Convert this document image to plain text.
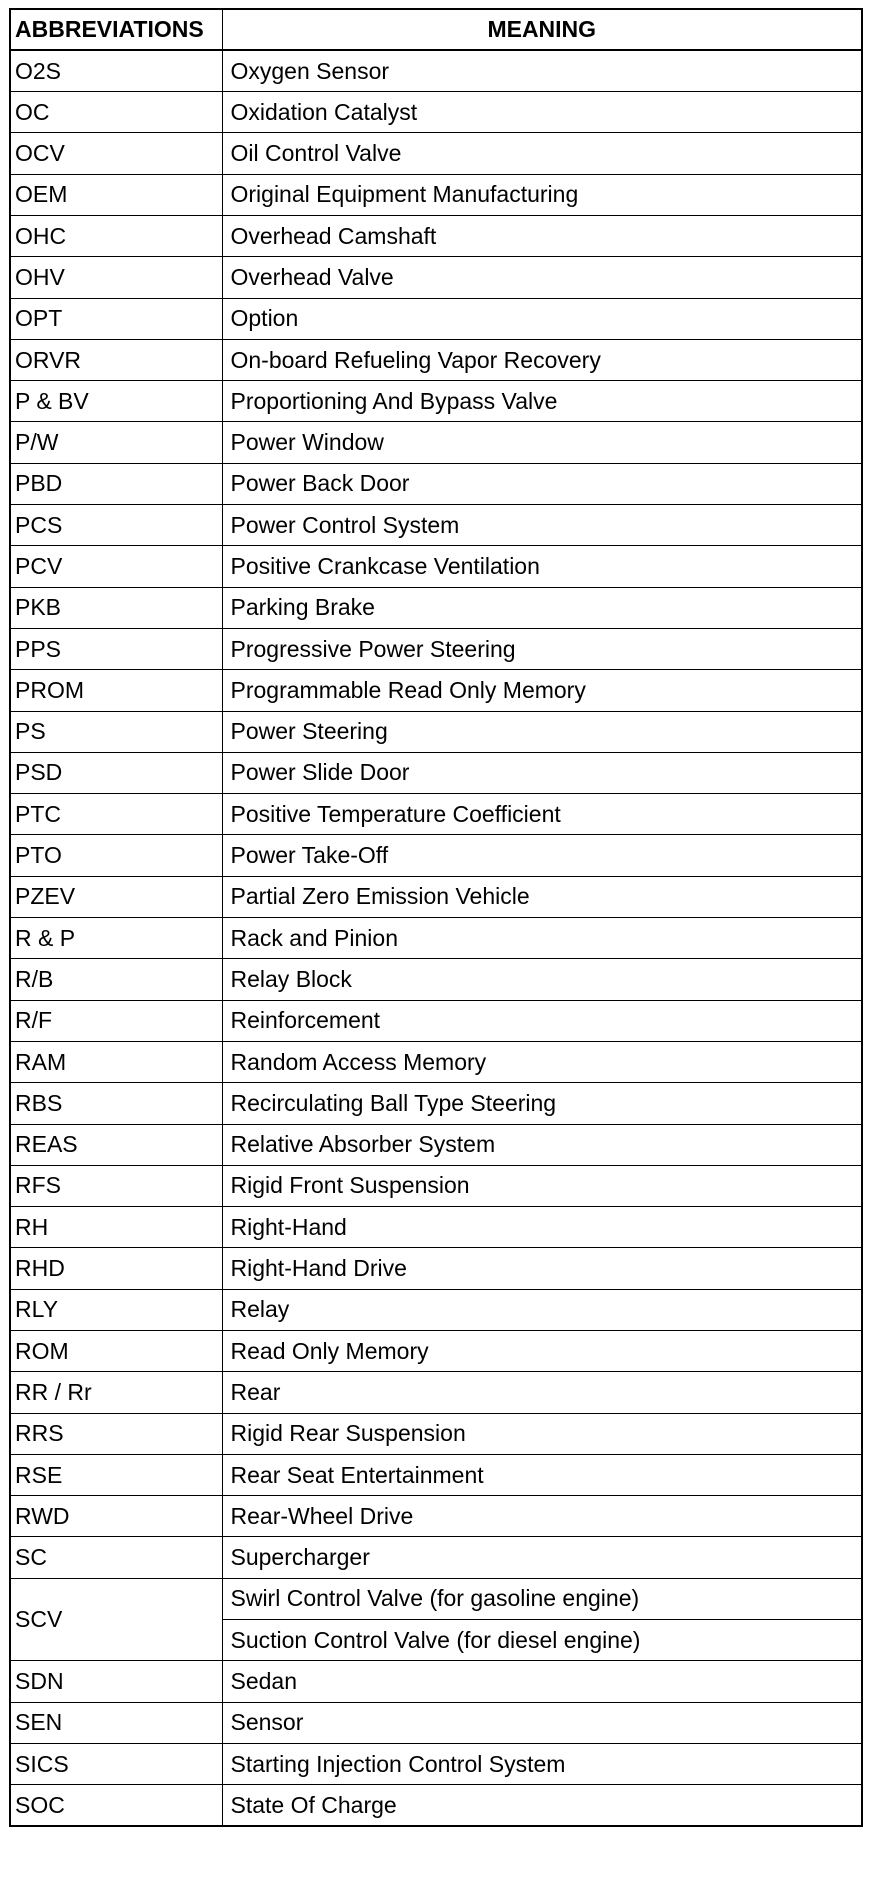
ABBREVIATIONS	MEANING
O2S	Oxygen Sensor
OC	Oxidation Catalyst
OCV	Oil Control Valve
OEM	Original Equipment Manufacturing
OHC	Overhead Camshaft
OHV	Overhead Valve
OPT	Option
ORVR	On-board Refueling Vapor Recovery
P & BV	Proportioning And Bypass Valve
P/W	Power Window
PBD	Power Back Door
PCS	Power Control System
PCV	Positive Crankcase Ventilation
PKB	Parking Brake
PPS	Progressive Power Steering
PROM	Programmable Read Only Memory
PS	Power Steering
PSD	Power Slide Door
PTC	Positive Temperature Coefficient
PTO	Power Take-Off
PZEV	Partial Zero Emission Vehicle
R & P	Rack and Pinion
R/B	Relay Block
R/F	Reinforcement
RAM	Random Access Memory
RBS	Recirculating Ball Type Steering
REAS	Relative Absorber System
RFS	Rigid Front Suspension
RH	Right-Hand
RHD	Right-Hand Drive
RLY	Relay
ROM	Read Only Memory
RR / Rr	Rear
RRS	Rigid Rear Suspension
RSE	Rear Seat Entertainment
RWD	Rear-Wheel Drive
SC	Supercharger
SCV	Swirl Control Valve (for gasoline engine)
	Suction Control Valve (for diesel engine)
SDN	Sedan
SEN	Sensor
SICS	Starting Injection Control System
SOC	State Of Charge
